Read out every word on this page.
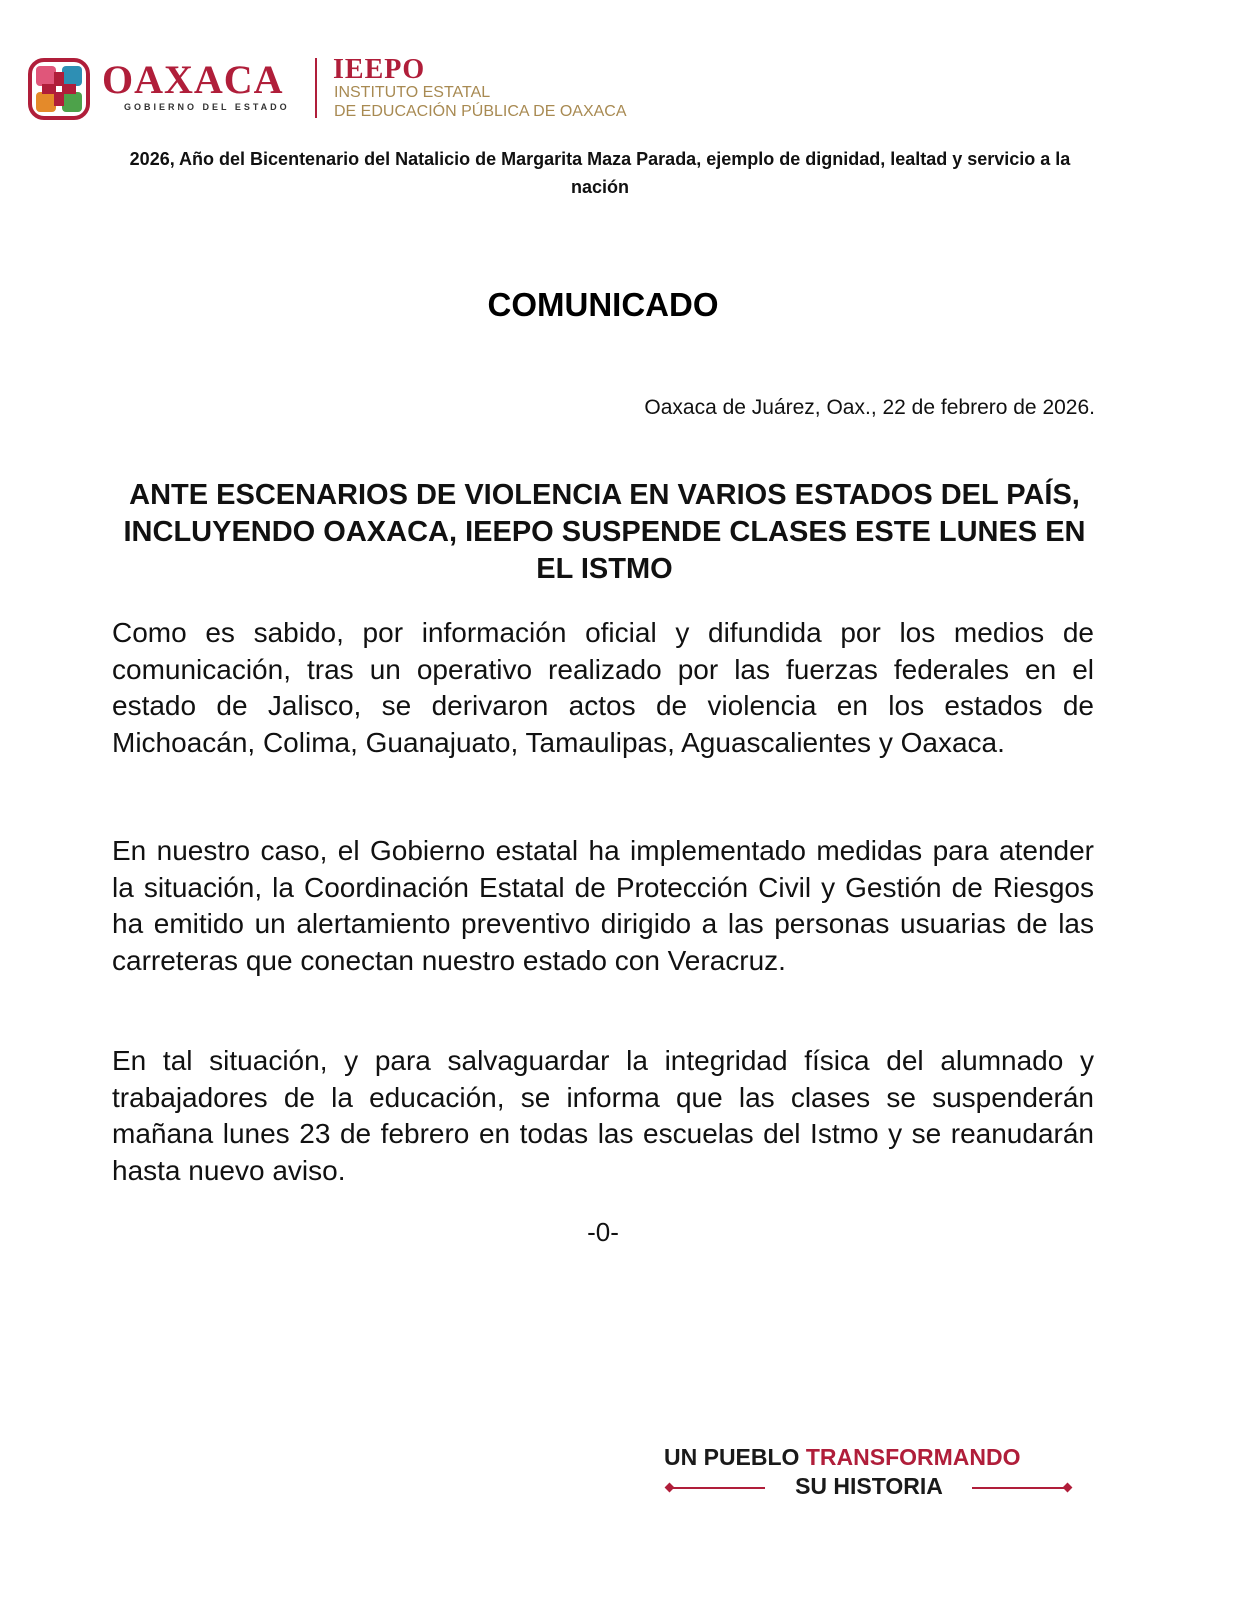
OAXACA
GOBIERNO DEL ESTADO
IEEPO
INSTITUTO ESTATAL
DE EDUCACIÓN PÚBLICA DE OAXACA
2026, Año del Bicentenario del Natalicio de Margarita Maza Parada, ejemplo de dignidad, lealtad y servicio a la nación
COMUNICADO
Oaxaca de Juárez, Oax., 22 de febrero de 2026.
ANTE ESCENARIOS DE VIOLENCIA EN VARIOS ESTADOS DEL PAÍS, INCLUYENDO OAXACA, IEEPO SUSPENDE CLASES ESTE LUNES EN EL ISTMO

Como es sabido, por información oficial y difundida por los medios de comunicación, tras un operativo realizado por las fuerzas federales en el estado de Jalisco, se derivaron actos de violencia en los estados de Michoacán, Colima, Guanajuato, Tamaulipas, Aguascalientes y Oaxaca.

En nuestro caso, el Gobierno estatal ha implementado medidas para atender la situación, la Coordinación Estatal de Protección Civil y Gestión de Riesgos ha emitido un alertamiento preventivo dirigido a las personas usuarias de las carreteras que conectan nuestro estado con Veracruz.

En tal situación, y para salvaguardar la integridad física del alumnado y trabajadores de la educación, se informa que las clases se suspenderán mañana lunes 23 de febrero en todas las escuelas del Istmo y se reanudarán hasta nuevo aviso.

-0-
UN PUEBLO TRANSFORMANDO
SU HISTORIA
